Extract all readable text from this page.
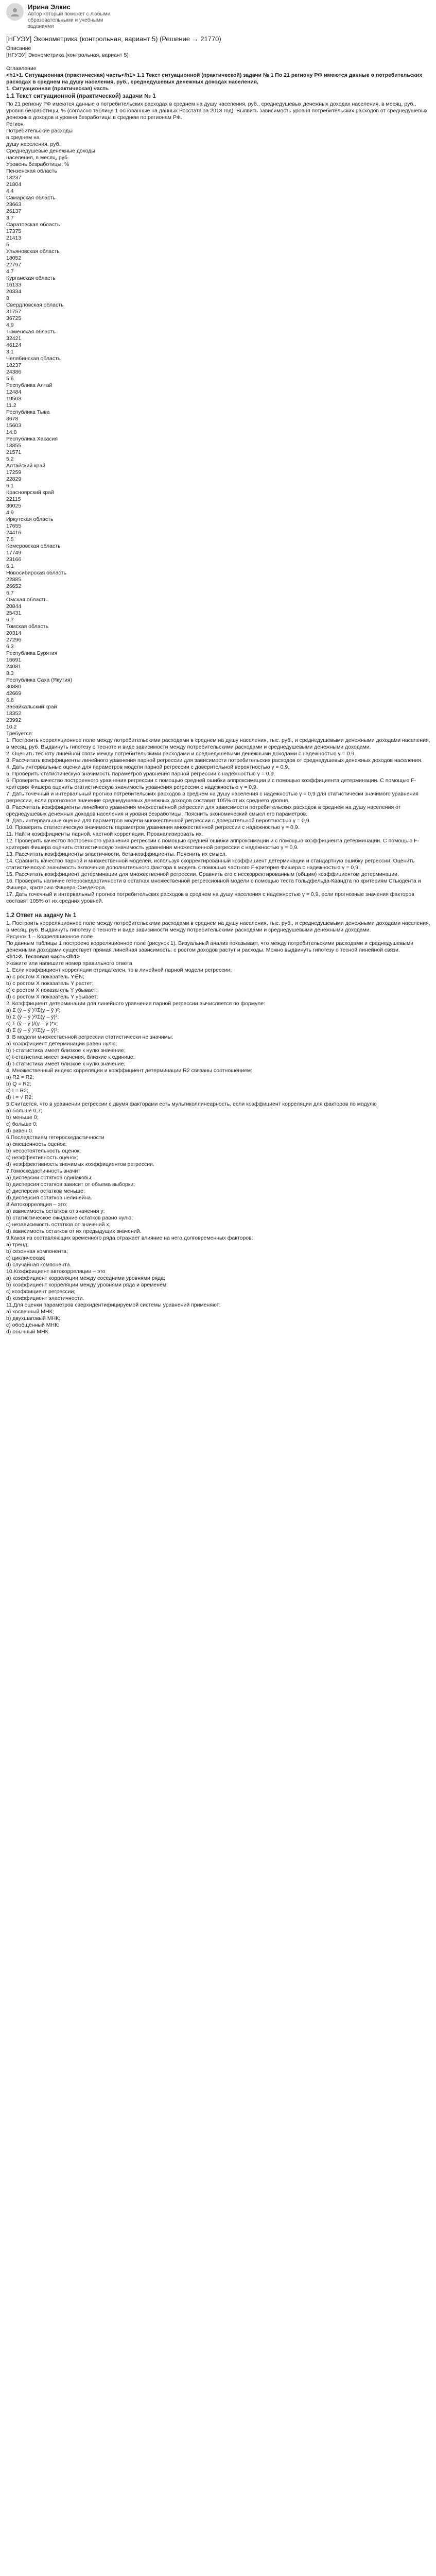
Ирина Элкис
Автор который поможет с любыми образовательными и учебными заданиями
[НГУЭУ] Эконометрика (контрольная, вариант 5) (Решение → 21770)
Описание
[НГУЭУ] Эконометрика (контрольная, вариант 5)
Оглавление
<h1>1. Ситуационная (практическая) часть</h1> 1.1 Текст ситуационной (практической) задачи № 1 По 21 региону РФ имеются данные о потребительских расходах в среднем на душу населения, руб., среднедушевых денежных доходах населения,
1. Ситуационная (практическая) часть
1.1 Текст ситуационной (практической) задачи № 1
По 21 региону РФ имеются данные о потребительских расходах в среднем на душу населения, руб., среднедушевых денежных доходах населения, в месяц, руб., уровня безработицы, % (согласно таблице 1 основанные на данных Росстата за 2018 год). Выявить зависимость уровня потребительских расходов от среднедушевых денежных доходов и уровня безработицы в среднем по регионам РФ.
Регион
Потребительские расходы
в среднем на
душу населения, руб.
Среднедушевые денежные доходы
населения, в месяц, руб.
Уровень безработицы, %
Пензенская область
18237
21804
4.4
Самарская область
23663
26137
3.7
Саратовская область
17375
21413
5
Ульяновская область
18052
22797
4.7
Курганская область
16133
20334
8
Свердловская область
31757
36725
4.9
Тюменская область
32421
46124
3.1
Челябинская область
18237
24386
5.6
Республика Алтай
12484
19503
11.2
Республика Тыва
8678
15603
14.8
Республика Хакасия
18855
21571
5.2
Алтайский край
17259
22829
6.1
Красноярский край
22115
30025
4.9
Иркутская область
17655
24416
7.5
Кемеровская область
17749
23166
6.1
Новосибирская область
22885
26652
6.7
Омская область
20844
25431
6.7
Томская область
20314
27296
6.3
Республика Бурятия
16691
24081
8.3
Республика Саха (Якутия)
30880
42669
6.8
Забайкальский край
18352
23992
10.2
Требуется:
1. Построить корреляционное поле между потребительскими расходами в среднем на душу населения, тыс. руб., и среднедушевыми денежными доходами населения, в месяц, руб. Выдвинуть гипотезу о тесноте и виде зависимости между потребительскими расходами и среднедушевыми денежными доходами.
2. Оценить тесноту линейной связи между потребительскими расходами и среднедушевыми денежными доходами с надежностью γ = 0,9.
3. Рассчитать коэффициенты линейного уравнения парной регрессии для зависимости потребительских расходов от среднедушевых денежных доходов населения.
4. Дать интервальные оценки для параметров модели парной регрессии с доверительной вероятностью γ = 0,9.
5. Проверить статистическую значимость параметров уравнения парной регрессии с надежностью γ = 0,9.
6. Проверить качество построенного уравнения регрессии с помощью средней ошибки аппроксимации и с помощью коэффициента детерминации. С помощью F-критерия Фишера оценить статистическую значимость уравнения регрессии с надежностью γ = 0,9.
7. Дать точечный и интервальный прогноз потребительских расходов в среднем на душу населения с надежностью γ = 0,9 для статистически значимого уравнения регрессии, если прогнозное значение среднедушевых денежных доходов составит 105% от их среднего уровня.
8. Рассчитать коэффициенты линейного уравнения множественной регрессии для зависимости потребительских расходов в среднем на душу населения от среднедушевых денежных доходов населения и уровня безработицы. Пояснить экономический смысл его параметров.
9. Дать интервальные оценки для параметров модели множественной регрессии с доверительной вероятностью γ = 0,9.
10. Проверить статистическую значимость параметров уравнения множественной регрессии с надежностью γ = 0,9.
11. Найти коэффициенты парной, частной корреляции. Проанализировать их.
12. Проверить качество построенного уравнения регрессии с помощью средней ошибки аппроксимации и с помощью коэффициента детерминации. С помощью F-критерия Фишера оценить статистическую значимость уравнения множественной регрессии с надежностью γ = 0,9.
13. Рассчитать коэффициенты эластичности, бета-коэффициенты. Пояснить их смысл.
14. Сравнить качество парной и множественной моделей, используя скорректированный коэффициент детерминации и стандартную ошибку регрессии. Оценить статистическую значимость включения дополнительного фактора в модель с помощью частного F-критерия Фишера с надежностью γ = 0,9.
15. Рассчитать коэффициент детерминации для множественной регрессии. Сравнить его с нескорректированным (общим) коэффициентом детерминации.
16. Проверить наличие гетероскедастичности в остатках множественной регрессионной модели с помощью теста Гольдфельда-Квандта по критериям Стьюдента и Фишера, критерию Фишера-Снедекора.
17. Дать точечный и интервальный прогноз потребительских расходов в среднем на душу населения с надежностью γ = 0,9, если прогнозные значения факторов составят 105% от их средних уровней.
1.2 Ответ на задачу № 1
1. Построить корреляционное поле между потребительскими расходами в среднем на душу населения, тыс. руб., и среднедушевыми денежными доходами населения, в месяц, руб. Выдвинуть гипотезу о тесноте и виде зависимости между потребительскими расходами и среднедушевыми денежными доходами.
Рисунок 1 – Корреляционное поле
По данным таблицы 1 построено корреляционное поле (рисунок 1). Визуальный анализ показывает, что между потребительскими расходами и среднедушевыми денежными доходами существует прямая линейная зависимость: с ростом доходов растут и расходы. Можно выдвинуть гипотезу о тесной линейной связи.
<h1>2. Тестовая часть</h1>
Укажите или напишите номер правильного ответа
1. Если коэффициент корреляции отрицателен, то в линейной парной модели регрессии:
a) с ростом X показатель Y∈N;
b) с ростом X показатель Y растет;
c) с ростом X показатель Y убывает;
d) с ростом X показатель Y убывает;
2. Коэффициент детерминации для линейного уравнения парной регрессии вычисляется по формуле:
a) Σ (ŷ – ȳ )²/Σ(y – ȳ )²;
b) Σ (ŷ – ȳ )²/Σ(y – ȳ)²;
c) Σ (ŷ – ȳ )/(y – ȳ )*x;
d) Σ (ŷ – ȳ )²/Σ(y – ȳ)²;
3. В модели множественной регрессии статистически не значимы:
a) коэффициент детерминации равен нулю;
b) t-статистика имеет близкое к нулю значение;
c) t-статистика имеет значения, близкие к единице;
d) t-статистика имеет близкое к нулю значение;
4. Множественный индекс корреляции и коэффициент детерминации R2 связаны соотношением:
a) R2 = R2;
b) Q = R2;
c) I = R2;
d) I = √ R2;
5.Считается, что в уравнении регрессии с двумя факторами есть мультиколлинеарность, если коэффициент корреляции для факторов по модулю
a) больше 0,7;
b) меньше 0;
c) больше 0;
d) равен 0.
6.Последствием гетероскедастичности
a) смещенность оценок;
b) несостоятельность оценок;
c) неэффективность оценок;
d) неэффективность значимых коэффициентов регрессии.
7.Гомоскедастичность значит
a) дисперсии остатков одинаковы;
b) дисперсия остатков зависит от объема выборки;
c) дисперсия остатков меньше;
d) дисперсия остатков нелинейна.
8.Автокорреляция – это:
a) зависимость остатков от значения y;
b) статистическое ожидание остатков равно нулю;
c) независимость остатков от значений x;
d) зависимость остатков от их предыдущих значений.
9.Какая из составляющих временного ряда отражает влияние на него долговременных факторов:
a) тренд;
b) сезонная компонента;
c) циклическая;
d) случайная компонента.
10.Коэффициент автокорреляции – это
a) коэффициент корреляции между соседними уровнями ряда;
b) коэффициент корреляции между уровнями ряда и временем;
c) коэффициент регрессии;
d) коэффициент эластичности.
11.Для оценки параметров сверхидентифицируемой системы уравнений применяют:
a) косвенный МНК;
b) двухшаговый МНК;
c) обобщённый МНК;
d) обычный МНК.
